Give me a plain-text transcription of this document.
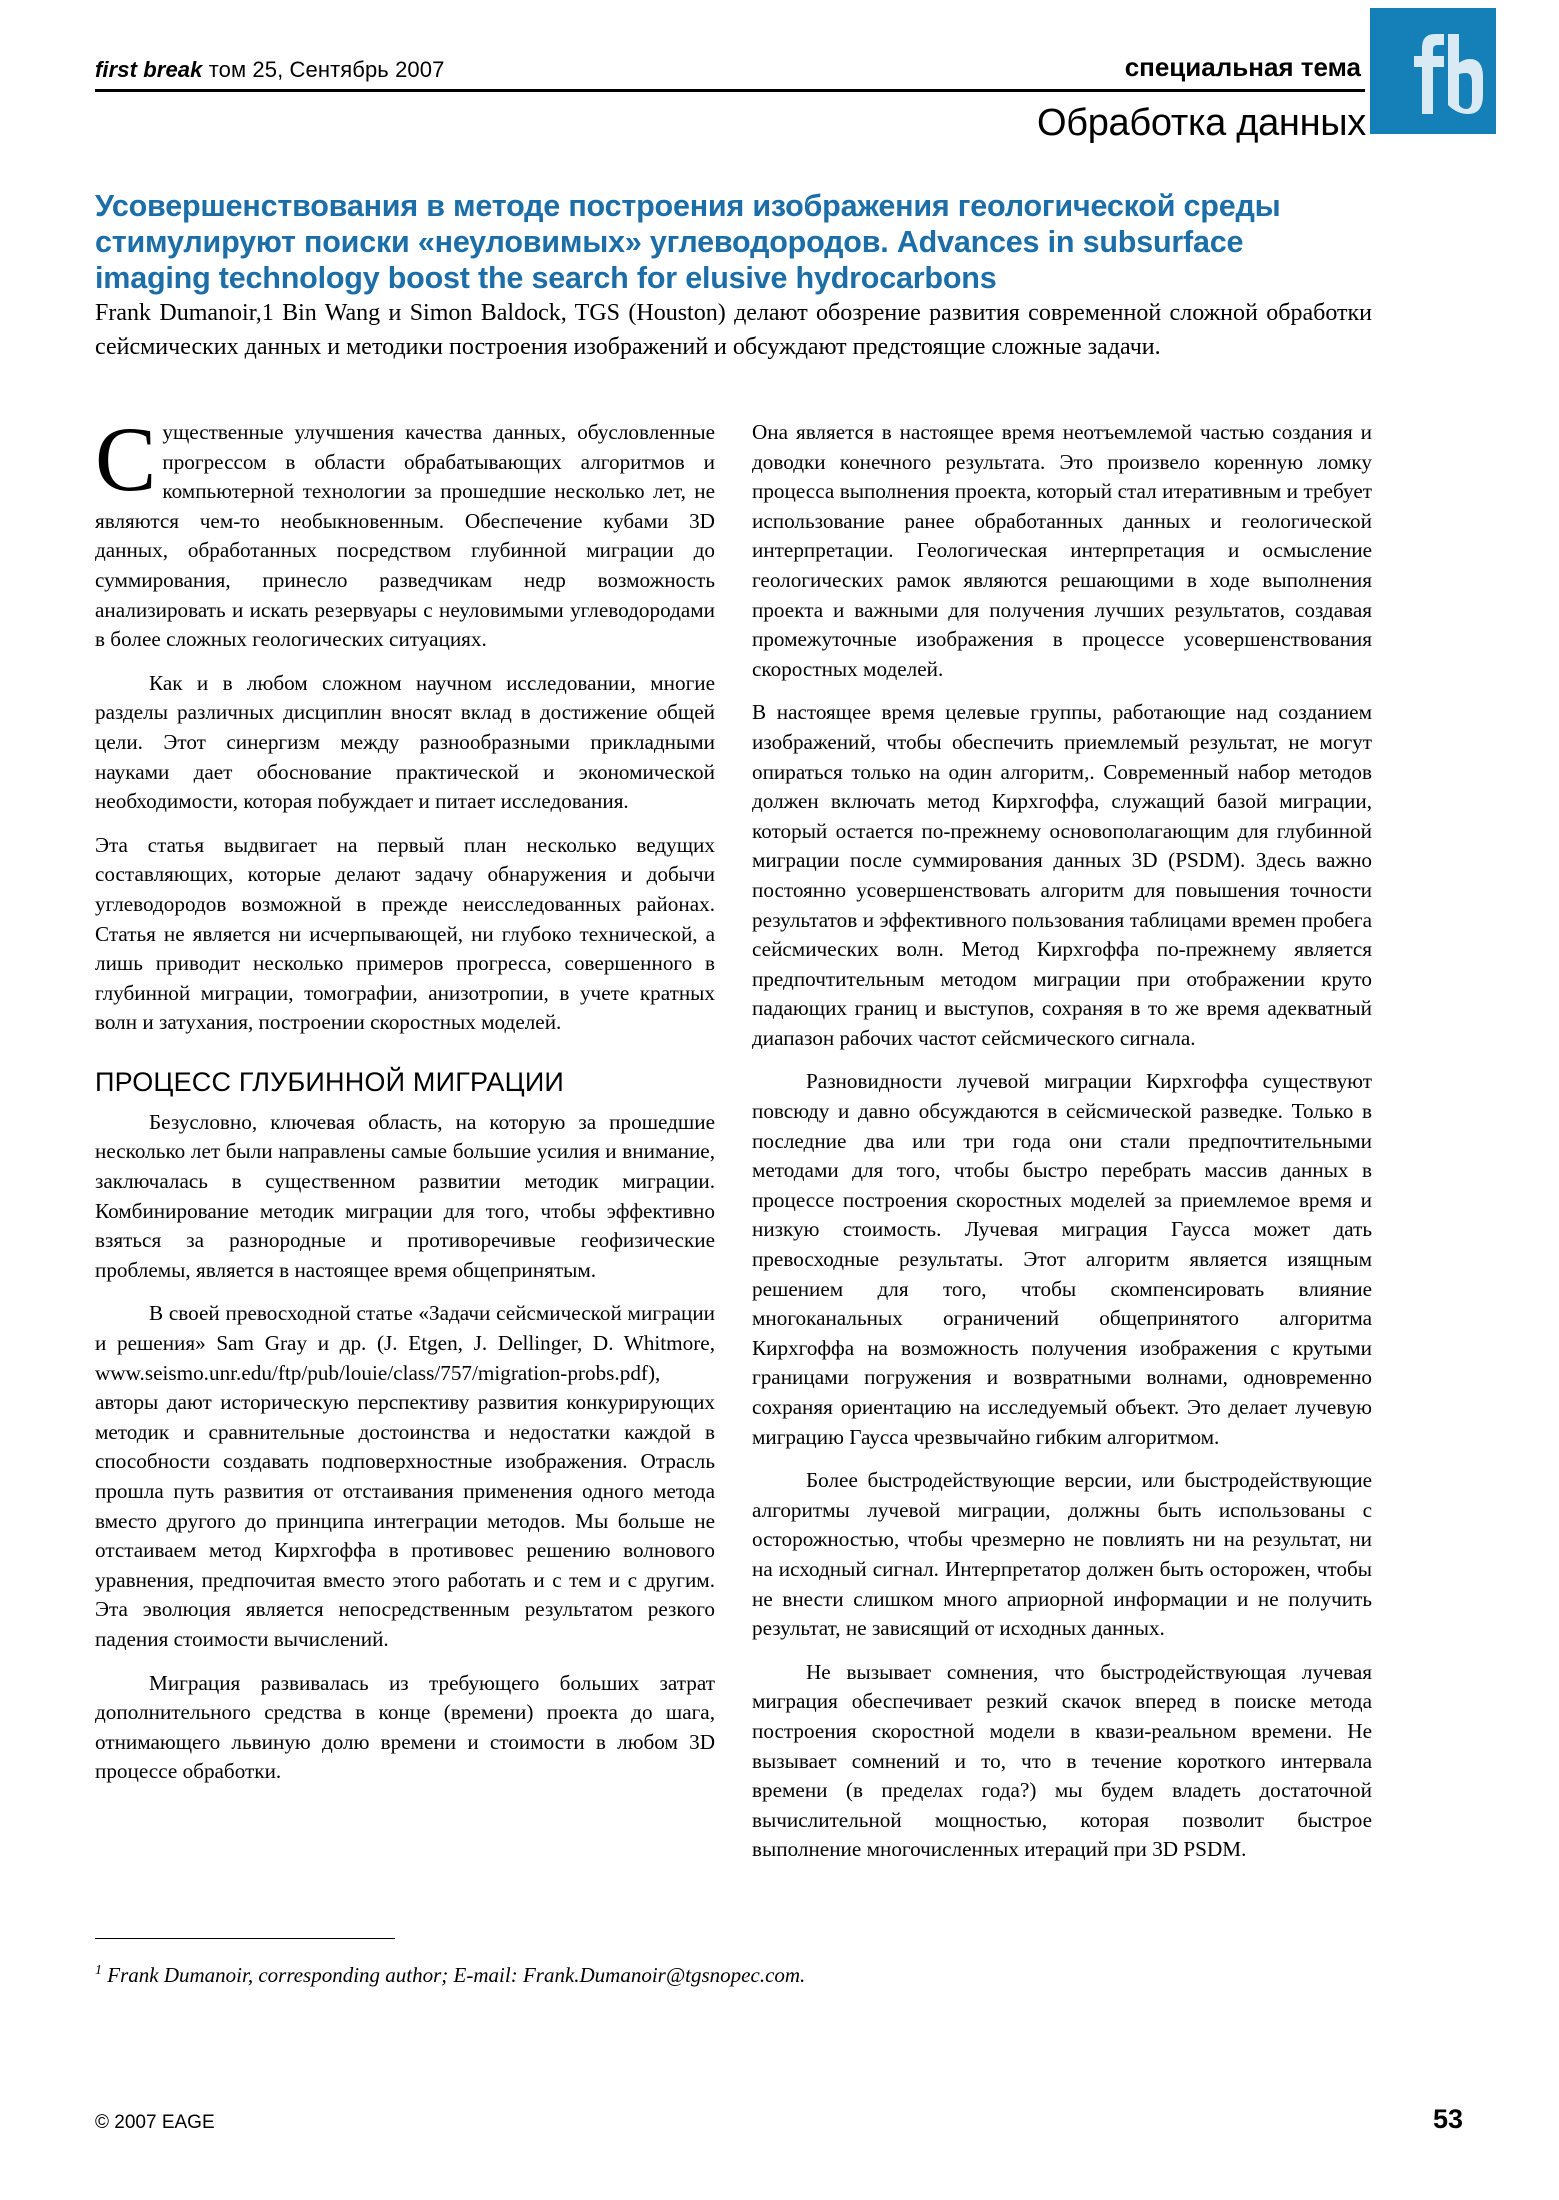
first break том 25, Сентябрь 2007	специальная тема
Обработка данных
Усовершенствования в методе построения изображения геологической среды
стимулируют поиски «неуловимых» углеводородов. Advances in subsurface
imaging technology boost the search for elusive hydrocarbons
Frank Dumanoir,1 Bin Wang и Simon Baldock, TGS (Houston) делают обозрение развития современной сложной обработки сейсмических данных и методики построения изображений и обсуждают предстоящие сложные задачи.

Существенные улучшения качества данных, обусловленные прогрессом в области обрабатывающих алгоритмов и компьютерной технологии за прошедшие несколько лет, не являются чем-то необыкновенным. Обеспечение кубами 3D данных, обработанных посредством глубинной миграции до суммирования, принесло разведчикам недр возможность анализировать и искать резервуары с неуловимыми углеводородами в более сложных геологических ситуациях.

Как и в любом сложном научном исследовании, многие разделы различных дисциплин вносят вклад в достижение общей цели. Этот синергизм между разнообразными прикладными науками дает обоснование практической и экономической необходимости, которая побуждает и питает исследования.

Эта статья выдвигает на первый план несколько ведущих составляющих, которые делают задачу обнаружения и добычи углеводородов возможной в прежде неисследованных районах. Статья не является ни исчерпывающей, ни глубоко технической, а лишь приводит несколько примеров прогресса, совершенного в глубинной миграции, томографии, анизотропии, в учете кратных волн и затухания, построении скоростных моделей.

ПРОЦЕСС ГЛУБИННОЙ МИГРАЦИИ

Безусловно, ключевая область, на которую за прошедшие несколько лет были направлены самые большие усилия и внимание, заключалась в существенном развитии методик миграции. Комбинирование методик миграции для того, чтобы эффективно взяться за разнородные и противоречивые геофизические проблемы, является в настоящее время общепринятым.

В своей превосходной статье «Задачи сейсмической миграции и решения» Sam Gray и др. (J. Etgen, J. Dellinger, D. Whitmore, www.seismo.unr.edu/ftp/pub/louie/class/757/migration-probs.pdf), авторы дают историческую перспективу развития конкурирующих методик и сравнительные достоинства и недостатки каждой в способности создавать подповерхностные изображения. Отрасль прошла путь развития от отстаивания применения одного метода вместо другого до принципа интеграции методов. Мы больше не отстаиваем метод Кирхгоффа в противовес решению волнового уравнения, предпочитая вместо этого работать и с тем и с другим. Эта эволюция является непосредственным результатом резкого падения стоимости вычислений.

Миграция развивалась из требующего больших затрат дополнительного средства в конце (времени) проекта до шага, отнимающего львиную долю времени и стоимости в любом 3D процессе обработки.

Она является в настоящее время неотъемлемой частью создания и доводки конечного результата. Это произвело коренную ломку процесса выполнения проекта, который стал итеративным и требует использование ранее обработанных данных и геологической интерпретации. Геологическая интерпретация и осмысление геологических рамок являются решающими в ходе выполнения проекта и важными для получения лучших результатов, создавая промежуточные изображения в процессе усовершенствования скоростных моделей.

В настоящее время целевые группы, работающие над созданием изображений, чтобы обеспечить приемлемый результат, не могут опираться только на один алгоритм,. Современный набор методов должен включать метод Кирхгоффа, служащий базой миграции, который остается по-прежнему основополагающим для глубинной миграции после суммирования данных 3D (PSDM). Здесь важно постоянно усовершенствовать алгоритм для повышения точности результатов и эффективного пользования таблицами времен пробега сейсмических волн. Метод Кирхгоффа по-прежнему является предпочтительным методом миграции при отображении круто падающих границ и выступов, сохраняя в то же время адекватный диапазон рабочих частот сейсмического сигнала.

Разновидности лучевой миграции Кирхгоффа существуют повсюду и давно обсуждаются в сейсмической разведке. Только в последние два или три года они стали предпочтительными методами для того, чтобы быстро перебрать массив данных в процессе построения скоростных моделей за приемлемое время и низкую стоимость. Лучевая миграция Гаусса может дать превосходные результаты. Этот алгоритм является изящным решением для того, чтобы скомпенсировать влияние многоканальных ограничений общепринятого алгоритма Кирхгоффа на возможность получения изображения с крутыми границами погружения и возвратными волнами, одновременно сохраняя ориентацию на исследуемый объект. Это делает лучевую миграцию Гаусса чрезвычайно гибким алгоритмом.

Более быстродействующие версии, или быстродействующие алгоритмы лучевой миграции, должны быть использованы с осторожностью, чтобы чрезмерно не повлиять ни на результат, ни на исходный сигнал. Интерпретатор должен быть осторожен, чтобы не внести слишком много априорной информации и не получить результат, не зависящий от исходных данных.

Не вызывает сомнения, что быстродействующая лучевая миграция обеспечивает резкий скачок вперед в поиске метода построения скоростной модели в квази-реальном времени. Не вызывает сомнений и то, что в течение короткого интервала времени (в пределах года?) мы будем владеть достаточной вычислительной мощностью, которая позволит быстрое выполнение многочисленных итераций при 3D PSDM.

$^1$ Frank Dumanoir, corresponding author; E-mail: Frank.Dumanoir@tgsnopec.com.
© 2007 EAGE	53
